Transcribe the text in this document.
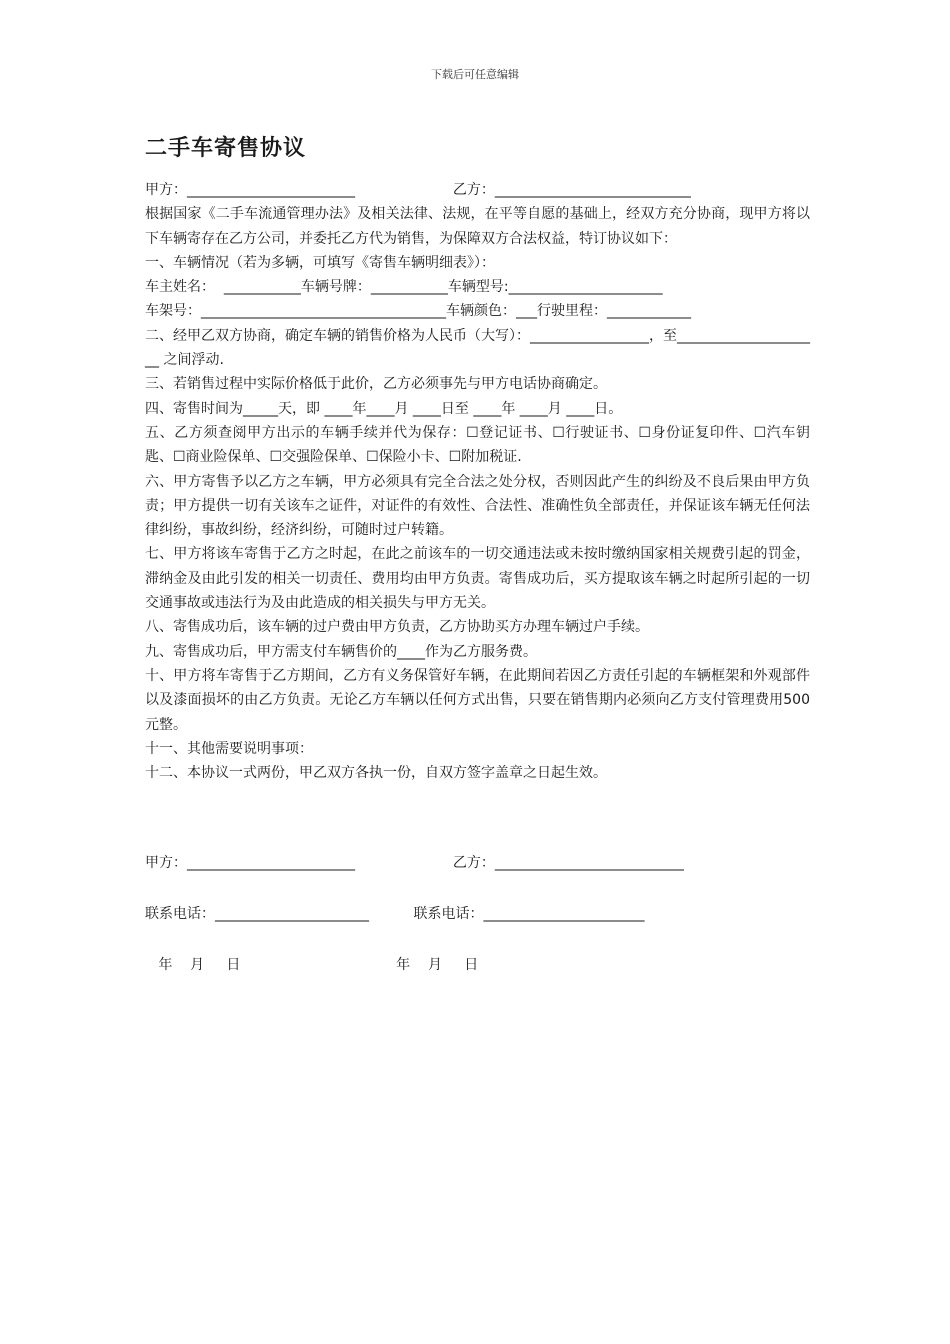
下载后可任意编辑
二手车寄售协议

甲方：________________________                      乙方：____________________________

根据国家《二手车流通管理办法》及相关法律、法规，在平等自愿的基础上，经双方充分协商，现甲方将以下车辆寄存在乙方公司，并委托乙方代为销售，为保障双方合法权益，特订协议如下：

一、车辆情况（若为多辆，可填写《寄售车辆明细表》）：

车主姓名：  ___________车辆号牌：___________车辆型号:______________________

车架号：___________________________________车辆颜色：___行驶里程：____________

二、经甲乙双方协商，确定车辆的销售价格为人民币（大写）：_________________，至_____________________ 之间浮动.

三、若销售过程中实际价格低于此价，乙方必须事先与甲方电话协商确定。

四、寄售时间为_____天，即 ____年____月 ____日至 ____年 ____月 ____日。

五、乙方须查阅甲方出示的车辆手续并代为保存：☐登记证书、☐行驶证书、☐身份证复印件、☐汽车钥匙、☐商业险保单、☐交强险保单、☐保险小卡、☐附加税证.

六、甲方寄售予以乙方之车辆，甲方必须具有完全合法之处分权，否则因此产生的纠纷及不良后果由甲方负责；甲方提供一切有关该车之证件，对证件的有效性、合法性、准确性负全部责任，并保证该车辆无任何法律纠纷，事故纠纷，经济纠纷，可随时过户转籍。

七、甲方将该车寄售于乙方之时起，在此之前该车的一切交通违法或未按时缴纳国家相关规费引起的罚金，滞纳金及由此引发的相关一切责任、费用均由甲方负责。寄售成功后，买方提取该车辆之时起所引起的一切交通事故或违法行为及由此造成的相关损失与甲方无关。

八、寄售成功后，该车辆的过户费由甲方负责，乙方协助买方办理车辆过户手续。

九、寄售成功后，甲方需支付车辆售价的____作为乙方服务费。

十、甲方将车寄售于乙方期间，乙方有义务保管好车辆，在此期间若因乙方责任引起的车辆框架和外观部件以及漆面损坏的由乙方负责。无论乙方车辆以任何方式出售，只要在销售期内必须向乙方支付管理费用500元整。

十一、其他需要说明事项：

十二、本协议一式两份，甲乙双方各执一份，自双方签字盖章之日起生效。

甲方：________________________                      乙方：___________________________

联系电话：______________________          联系电话：_______________________

年    月     日                                   年    月     日
